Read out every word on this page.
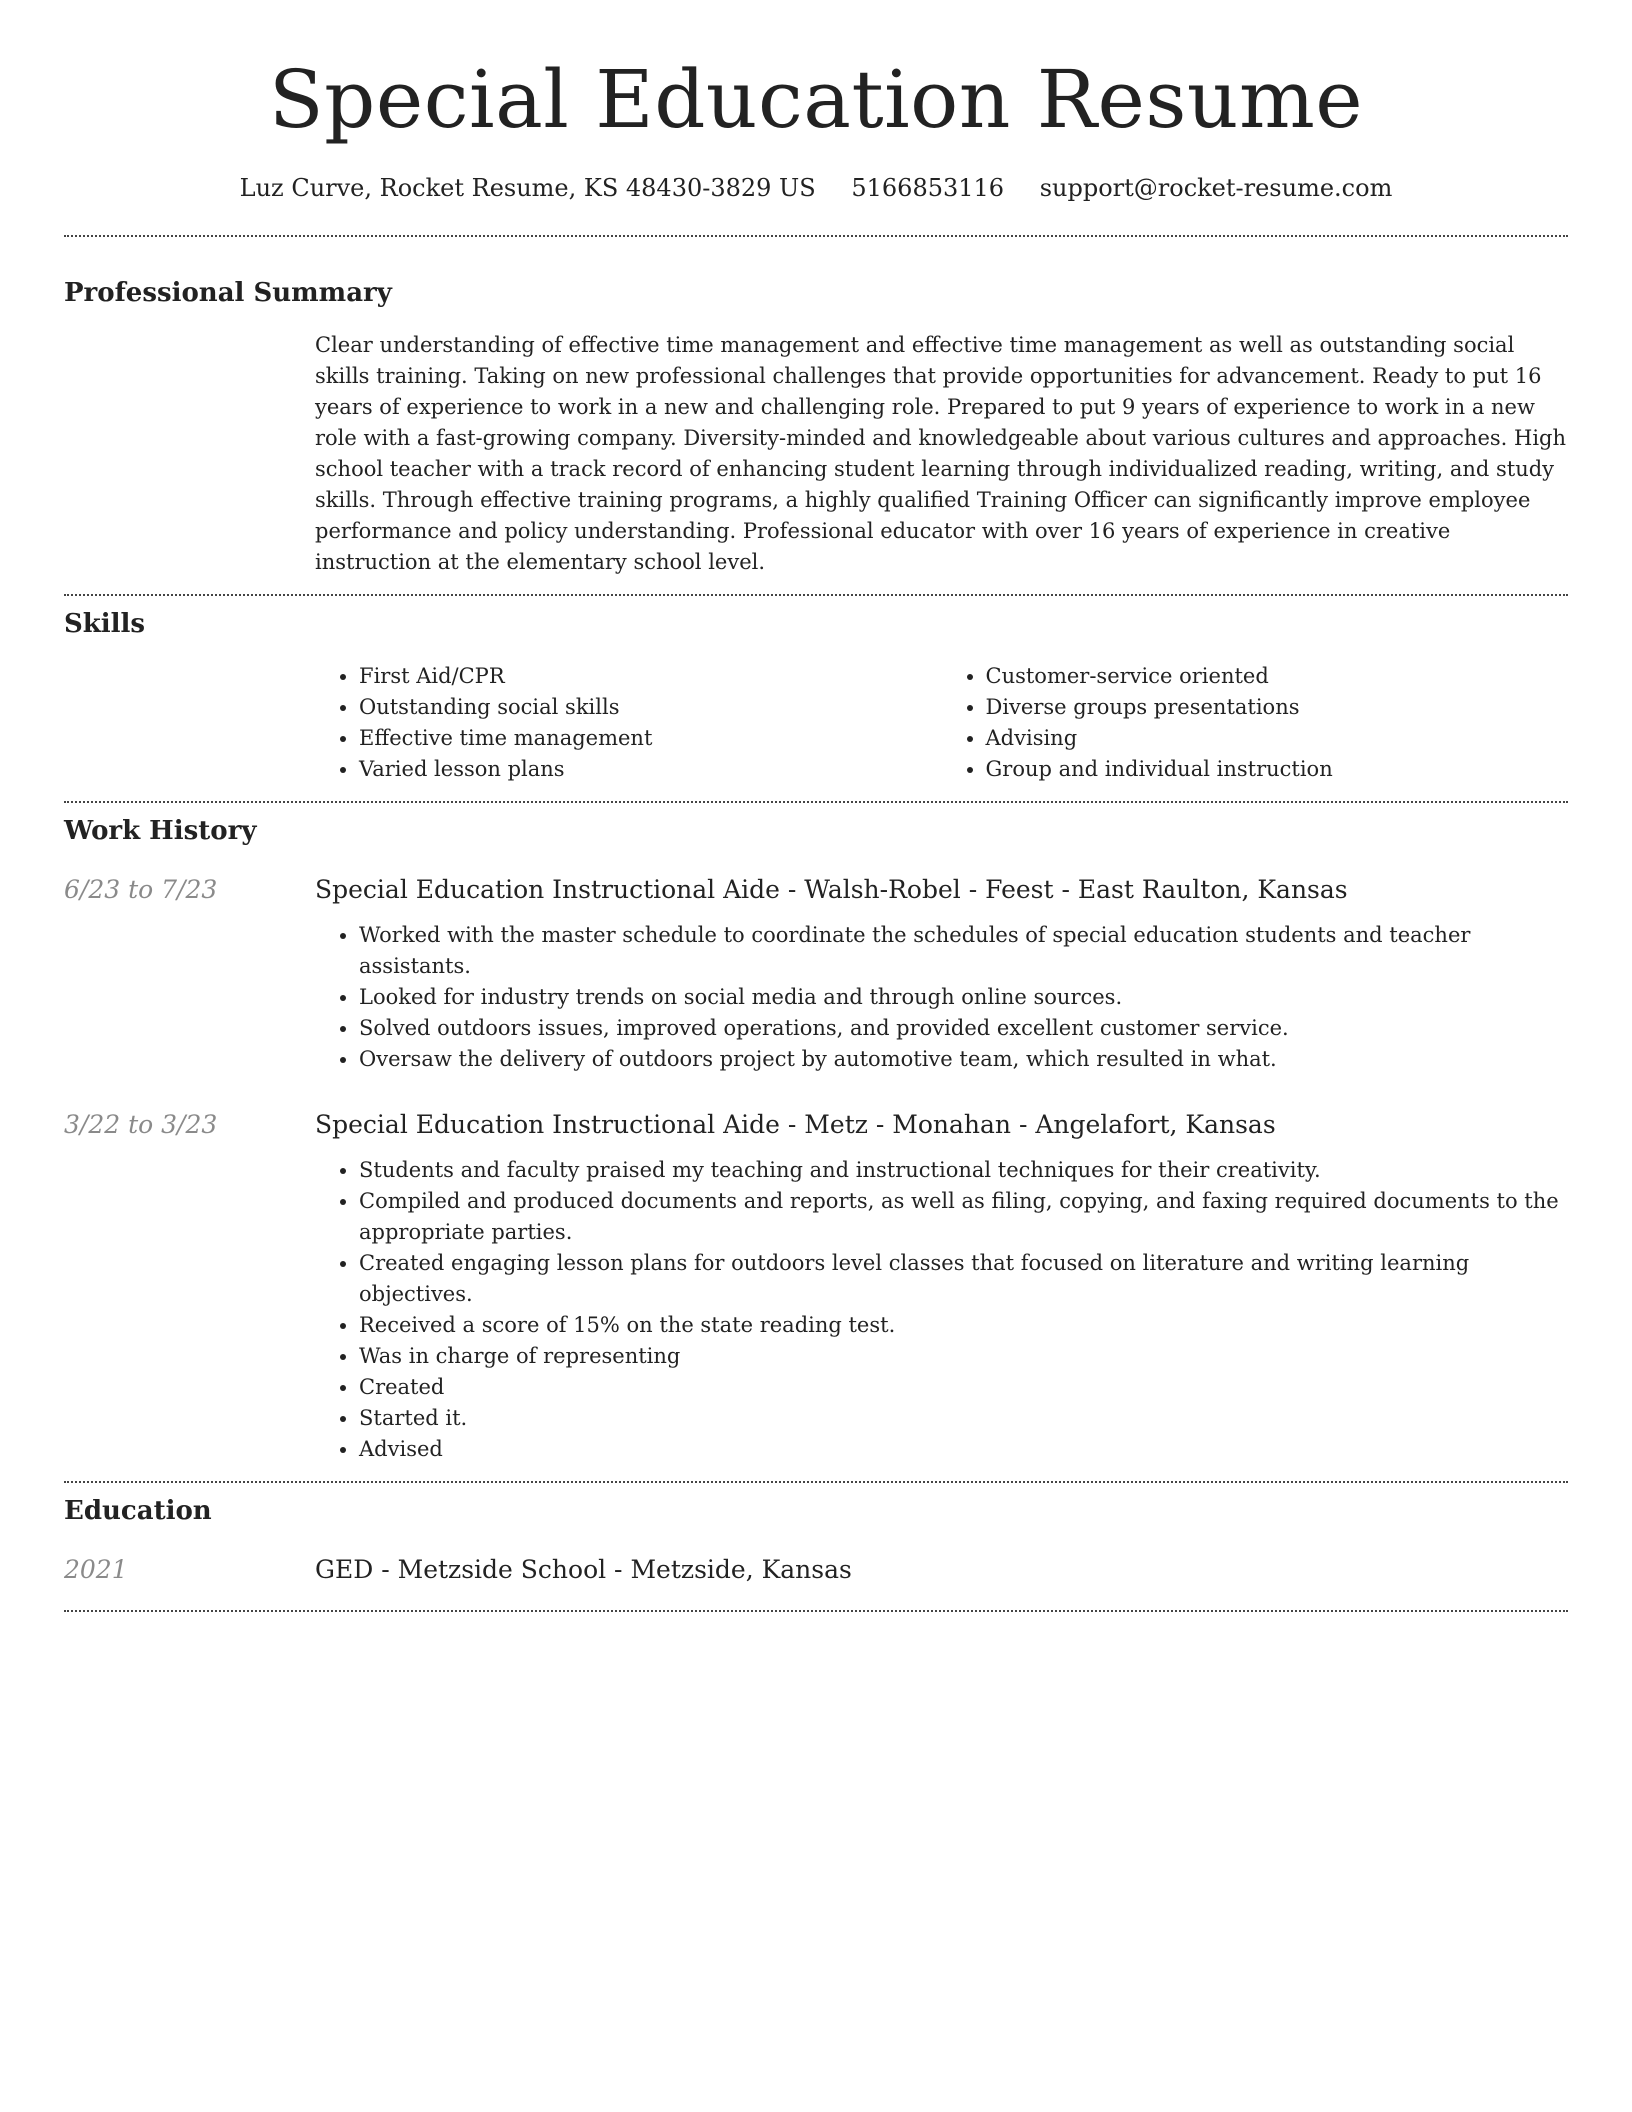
Special Education Resume
Luz Curve, Rocket Resume, KS 48430-3829 US 5166853116 support@rocket-resume.com
Professional Summary

Clear understanding of effective time management and effective time management as well as outstanding social skills training. Taking on new professional challenges that provide opportunities for advancement. Ready to put 16 years of experience to work in a new and challenging role. Prepared to put 9 years of experience to work in a new role with a fast-growing company. Diversity-minded and knowledgeable about various cultures and approaches. High school teacher with a track record of enhancing student learning through individualized reading, writing, and study skills. Through effective training programs, a highly qualified Training Officer can significantly improve employee performance and policy understanding. Professional educator with over 16 years of experience in creative instruction at the elementary school level.

Skills
• First Aid/CPR
• Outstanding social skills
• Effective time management
• Varied lesson plans
• Customer-service oriented
• Diverse groups presentations
• Advising
• Group and individual instruction
Work History
6/23 to 7/23	Special Education Instructional Aide - Walsh-Robel - Feest - East Raulton, Kansas
• Worked with the master schedule to coordinate the schedules of special education students and teacher assistants.
• Looked for industry trends on social media and through online sources.
• Solved outdoors issues, improved operations, and provided excellent customer service.
• Oversaw the delivery of outdoors project by automotive team, which resulted in what.
3/22 to 3/23	Special Education Instructional Aide - Metz - Monahan - Angelafort, Kansas
• Students and faculty praised my teaching and instructional techniques for their creativity.
• Compiled and produced documents and reports, as well as filing, copying, and faxing required documents to the appropriate parties.
• Created engaging lesson plans for outdoors level classes that focused on literature and writing learning objectives.
• Received a score of 15% on the state reading test.
• Was in charge of representing
• Created
• Started it.
• Advised
Education
2021	GED - Metzside School - Metzside, Kansas
